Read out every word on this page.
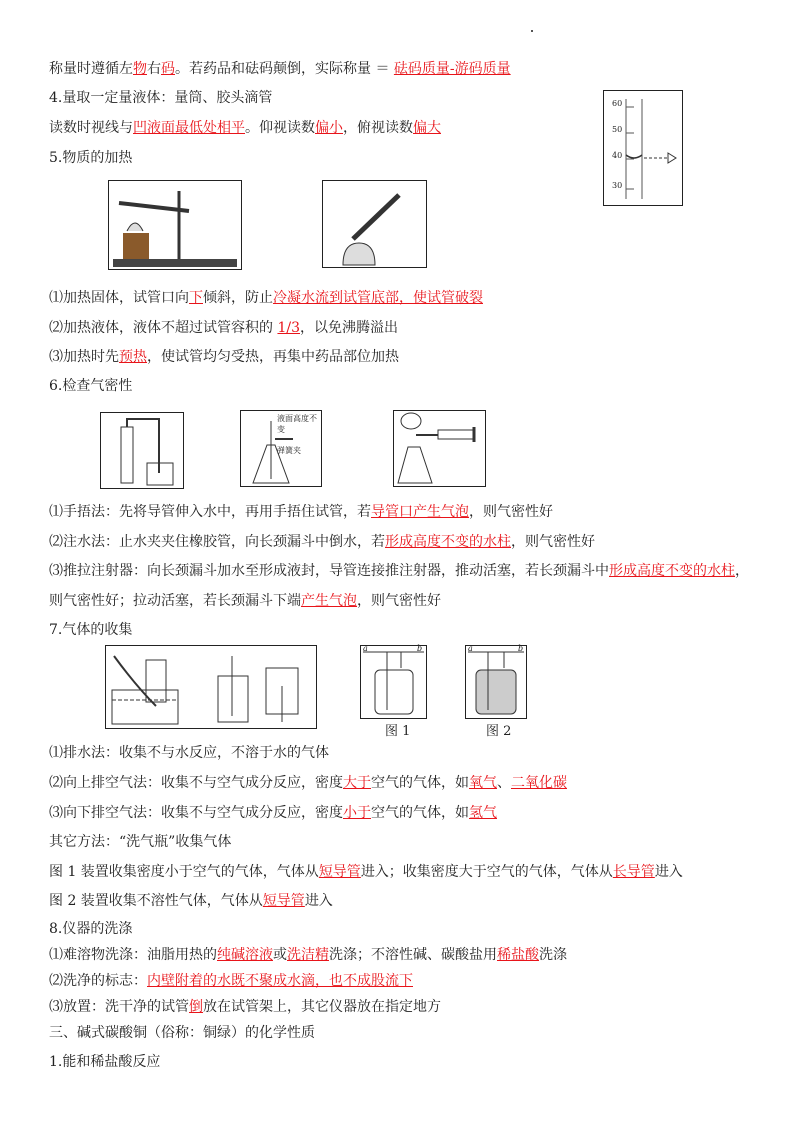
称量时遵循左物右码。若药品和砝码颠倒，实际称量 ＝ 砝码质量-游码质量
4.量取一定量液体：量筒、胶头滴管
读数时视线与凹液面最低处相平。仰视读数偏小，俯视读数偏大
5.物质的加热
⑴加热固体，试管口向下倾斜，防止冷凝水流到试管底部，使试管破裂
⑵加热液体，液体不超过试管容积的 1/3，以免沸腾溢出
⑶加热时先预热，使试管均匀受热，再集中药品部位加热
6.检查气密性
⑴手捂法：先将导管伸入水中，再用手捂住试管，若导管口产生气泡，则气密性好
⑵注水法：止水夹夹住橡胶管，向长颈漏斗中倒水，若形成高度不变的水柱，则气密性好
⑶推拉注射器：向长颈漏斗加水至形成液封，导管连接推注射器，推动活塞，若长颈漏斗中形成高度不变的水柱，
则气密性好；拉动活塞，若长颈漏斗下端产生气泡，则气密性好
7.气体的收集
⑴排水法：收集不与水反应，不溶于水的气体
⑵向上排空气法：收集不与空气成分反应，密度大于空气的气体，如氧气、二氧化碳
⑶向下排空气法：收集不与空气成分反应，密度小于空气的气体，如氢气
其它方法：“洗气瓶”收集气体
图 1 装置收集密度小于空气的气体，气体从短导管进入；收集密度大于空气的气体，气体从长导管进入
图 2 装置收集不溶性气体，气体从短导管进入
8.仪器的洗涤
⑴难溶物洗涤：油脂用热的纯碱溶液或洗洁精洗涤；不溶性碱、碳酸盐用稀盐酸洗涤
⑵洗净的标志：内壁附着的水既不聚成水滴，也不成股流下
⑶放置：洗干净的试管倒放在试管架上，其它仪器放在指定地方
三、碱式碳酸铜（俗称：铜绿）的化学性质
1.能和稀盐酸反应
60
50
40
30
液面高度不变
弹簧夹
a	b
图 1
a	b
图 2
